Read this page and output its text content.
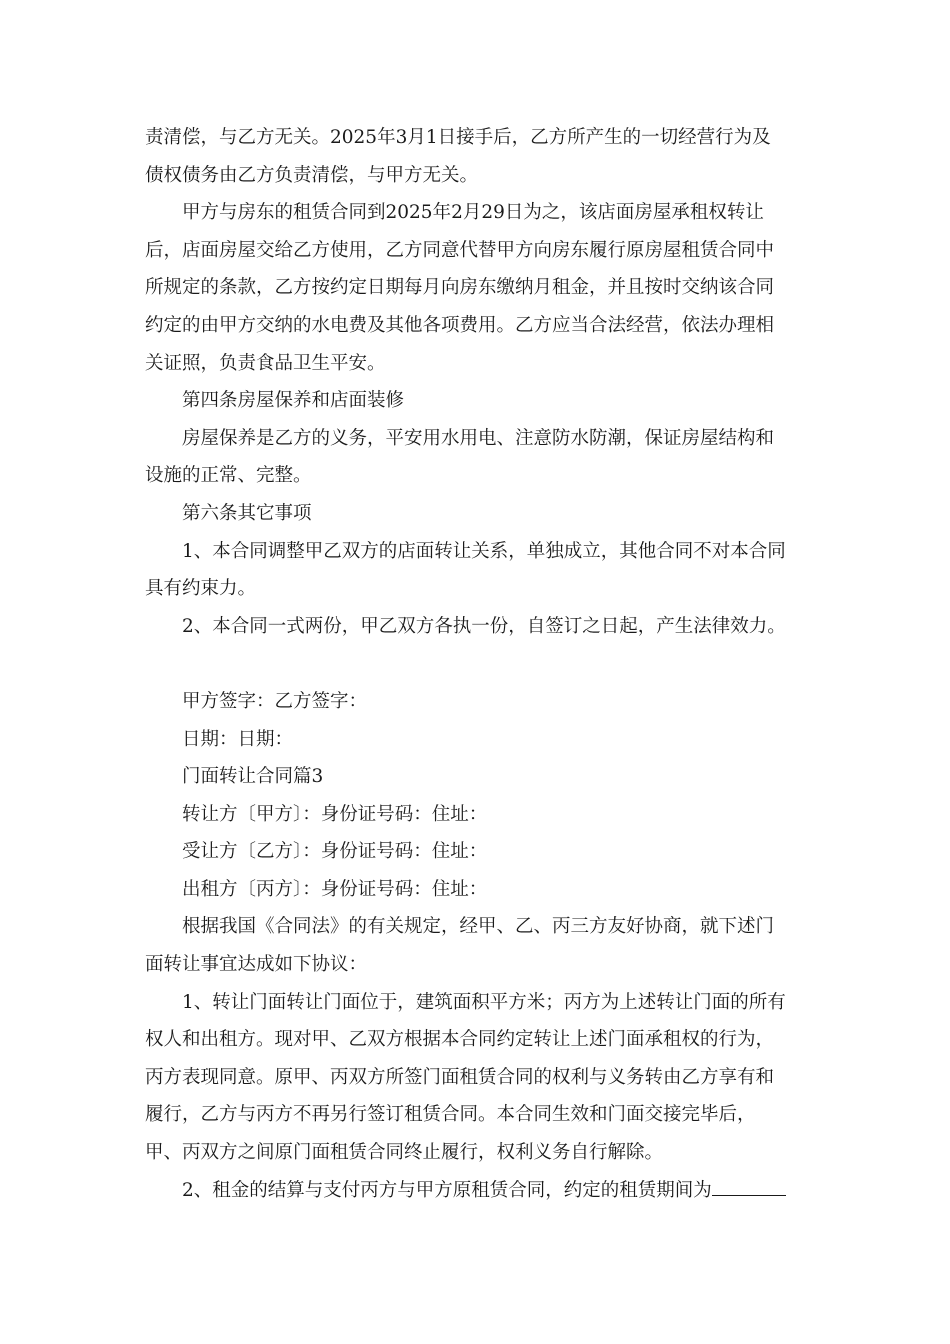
责清偿，与乙方无关。2025年3月1日接手后，乙方所产生的一切经营行为及

债权债务由乙方负责清偿，与甲方无关。

甲方与房东的租赁合同到2025年2月29日为之，该店面房屋承租权转让

后，店面房屋交给乙方使用，乙方同意代替甲方向房东履行原房屋租赁合同中

所规定的条款，乙方按约定日期每月向房东缴纳月租金，并且按时交纳该合同

约定的由甲方交纳的水电费及其他各项费用。乙方应当合法经营，依法办理相

关证照，负责食品卫生平安。

第四条房屋保养和店面装修

房屋保养是乙方的义务，平安用水用电、注意防水防潮，保证房屋结构和

设施的正常、完整。

第六条其它事项

1、本合同调整甲乙双方的店面转让关系，单独成立，其他合同不对本合同

具有约束力。

2、本合同一式两份，甲乙双方各执一份，自签订之日起，产生法律效力。

甲方签字：乙方签字：

日期：日期：

门面转让合同篇3

转让方〔甲方〕：身份证号码：住址：

受让方〔乙方〕：身份证号码：住址：

出租方〔丙方〕：身份证号码：住址：

根据我国《合同法》的有关规定，经甲、乙、丙三方友好协商，就下述门

面转让事宜达成如下协议：

1、转让门面转让门面位于，建筑面积平方米；丙方为上述转让门面的所有

权人和出租方。现对甲、乙双方根据本合同约定转让上述门面承租权的行为，

丙方表现同意。原甲、丙双方所签门面租赁合同的权利与义务转由乙方享有和

履行，乙方与丙方不再另行签订租赁合同。本合同生效和门面交接完毕后，

甲、丙双方之间原门面租赁合同终止履行，权利义务自行解除。

2、租金的结算与支付丙方与甲方原租赁合同，约定的租赁期间为
